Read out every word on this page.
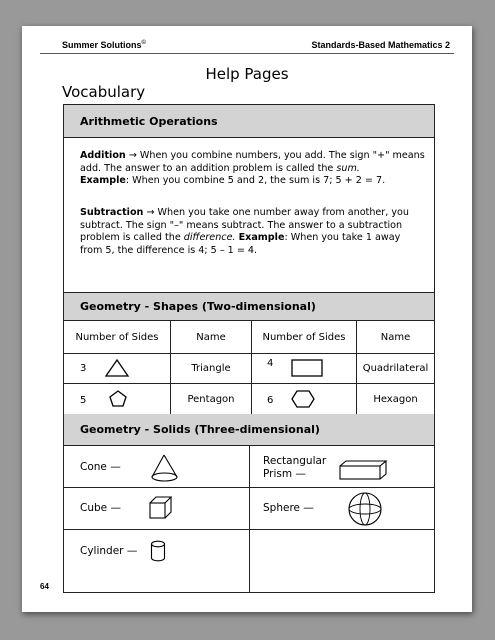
Summer Solutions©	Standards-Based Mathematics 2
Help Pages
Vocabulary
Arithmetic Operations
Addition → When you combine numbers, you add. The sign "+" means add. The answer to an addition problem is called the sum.
Example: When you combine 5 and 2, the sum is 7; 5 + 2 = 7.
Subtraction → When you take one number away from another, you subtract. The sign "–" means subtract. The answer to a subtraction problem is called the difference. Example: When you take 1 away from 5, the difference is 4; 5 – 1 = 4.
Geometry - Shapes (Two-dimensional)
Number of Sides	Name	Number of Sides	Name
3	Triangle	4	Quadrilateral
5	Pentagon	6	Hexagon
Geometry - Solids (Three-dimensional)
Cone —	Rectangular Prism —
Cube —	Sphere —
Cylinder —
64
